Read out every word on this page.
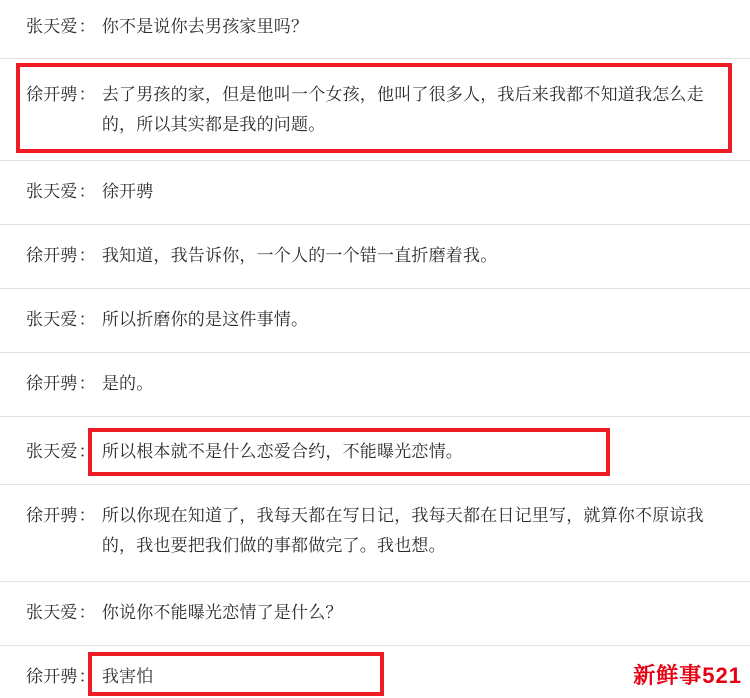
张天爱 ： 你不是说你去男孩家里吗？
徐开骋 ： 去了男孩的家，但是他叫一个女孩，他叫了很多人，我后来我都不知道我怎么走的，所以其实都是我的问题。
张天爱 ： 徐开骋
徐开骋 ： 我知道，我告诉你，一个人的一个错一直折磨着我。
张天爱 ： 所以折磨你的是这件事情。
徐开骋 ： 是的。
张天爱 ： 所以根本就不是什么恋爱合约，不能曝光恋情。
徐开骋 ： 所以你现在知道了，我每天都在写日记，我每天都在日记里写，就算你不原谅我的，我也要把我们做的事都做完了。我也想。
张天爱 ： 你说你不能曝光恋情了是什么？
徐开骋 ： 我害怕	新鲜事521
